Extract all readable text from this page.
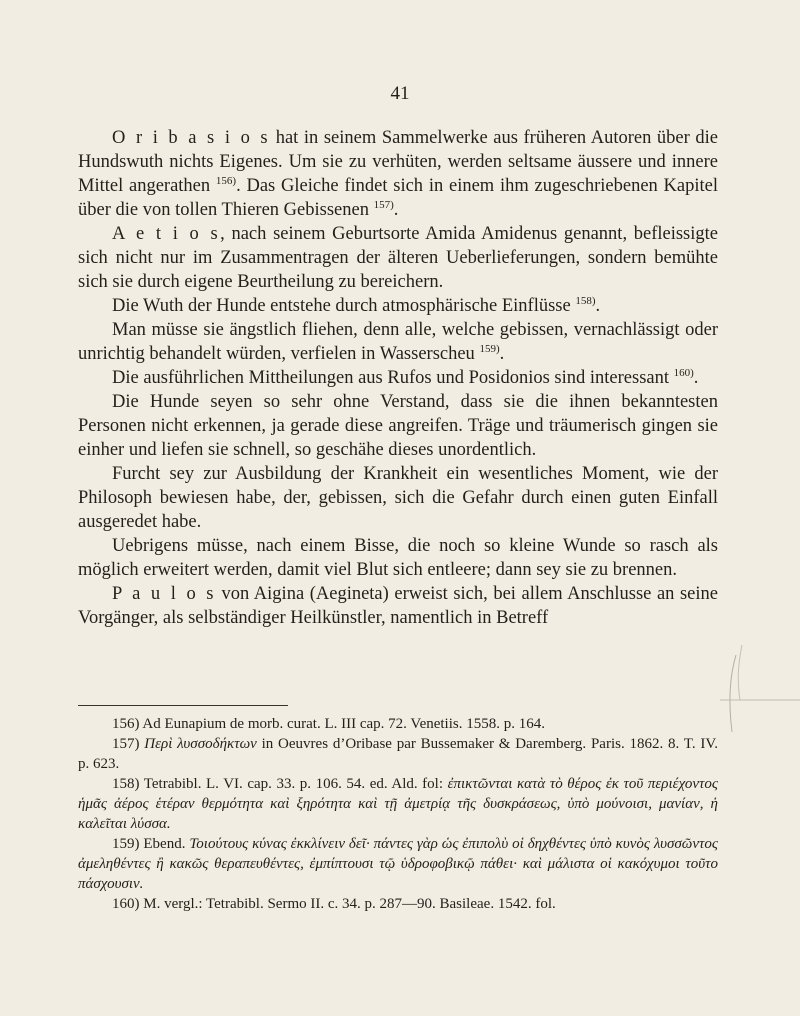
41

O r i b a s i o s hat in seinem Sammelwerke aus früheren Autoren über die Hundswuth nichts Eigenes. Um sie zu verhüten, werden seltsame äussere und innere Mittel angerathen $^{156)}$. Das Gleiche findet sich in einem ihm zugeschriebenen Kapitel über die von tollen Thieren Gebissenen $^{157)}$.

A e t i o s, nach seinem Geburtsorte Amida Amidenus genannt, befleissigte sich nicht nur im Zusammentragen der älteren Ueberlieferungen, sondern bemühte sich sie durch eigene Beurtheilung zu bereichern.

Die Wuth der Hunde entstehe durch atmosphärische Einflüsse $^{158)}$.

Man müsse sie ängstlich fliehen, denn alle, welche gebissen, vernachlässigt oder unrichtig behandelt würden, verfielen in Wasserscheu $^{159)}$.

Die ausführlichen Mittheilungen aus Rufos und Posidonios sind interessant $^{160)}$.

Die Hunde seyen so sehr ohne Verstand, dass sie die ihnen bekanntesten Personen nicht erkennen, ja gerade diese angreifen. Träge und träumerisch gingen sie einher und liefen sie schnell, so geschähe dieses unordentlich.

Furcht sey zur Ausbildung der Krankheit ein wesentliches Moment, wie der Philosoph bewiesen habe, der, gebissen, sich die Gefahr durch einen guten Einfall ausgeredet habe.

Uebrigens müsse, nach einem Bisse, die noch so kleine Wunde so rasch als möglich erweitert werden, damit viel Blut sich entleere; dann sey sie zu brennen.

P a u l o s von Aigina (Aegineta) erweist sich, bei allem Anschlusse an seine Vorgänger, als selbständiger Heilkünstler, namentlich in Betreff

156) Ad Eunapium de morb. curat. L. III cap. 72. Venetiis. 1558. p. 164.

157) Περὶ λυσσοδήκτων in Oeuvres d’Oribase par Bussemaker & Daremberg. Paris. 1862. 8. T. IV. p. 623.

158) Tetrabibl. L. VI. cap. 33. p. 106. 54. ed. Ald. fol: ἐπικτῶνται κατὰ τὸ θέρος ἐκ τοῦ περιέχοντος ἡμᾶς ἀέρος ἑτέραν θερμότητα καὶ ξηρότητα καὶ τῇ ἀμετρίᾳ τῆς δυσκράσεως, ὑπὸ μούνοισι, μανίαν, ἡ καλεῖται λύσσα.

159) Ebend. Τοιούτους κύνας ἐκκλίνειν δεῖ· πάντες γὰρ ὡς ἐπιπολὺ οἱ δηχθέντες ὑπὸ κυνὸς λυσσῶντος ἀμεληθέντες ἢ κακῶς θεραπευθέντες, ἐμπίπτουσι τῷ ὑδροφοβικῷ πάθει· καὶ μάλιστα οἱ κακόχυμοι τοῦτο πάσχουσιν.

160) M. vergl.: Tetrabibl. Sermo II. c. 34. p. 287—90. Basileae. 1542. fol.
